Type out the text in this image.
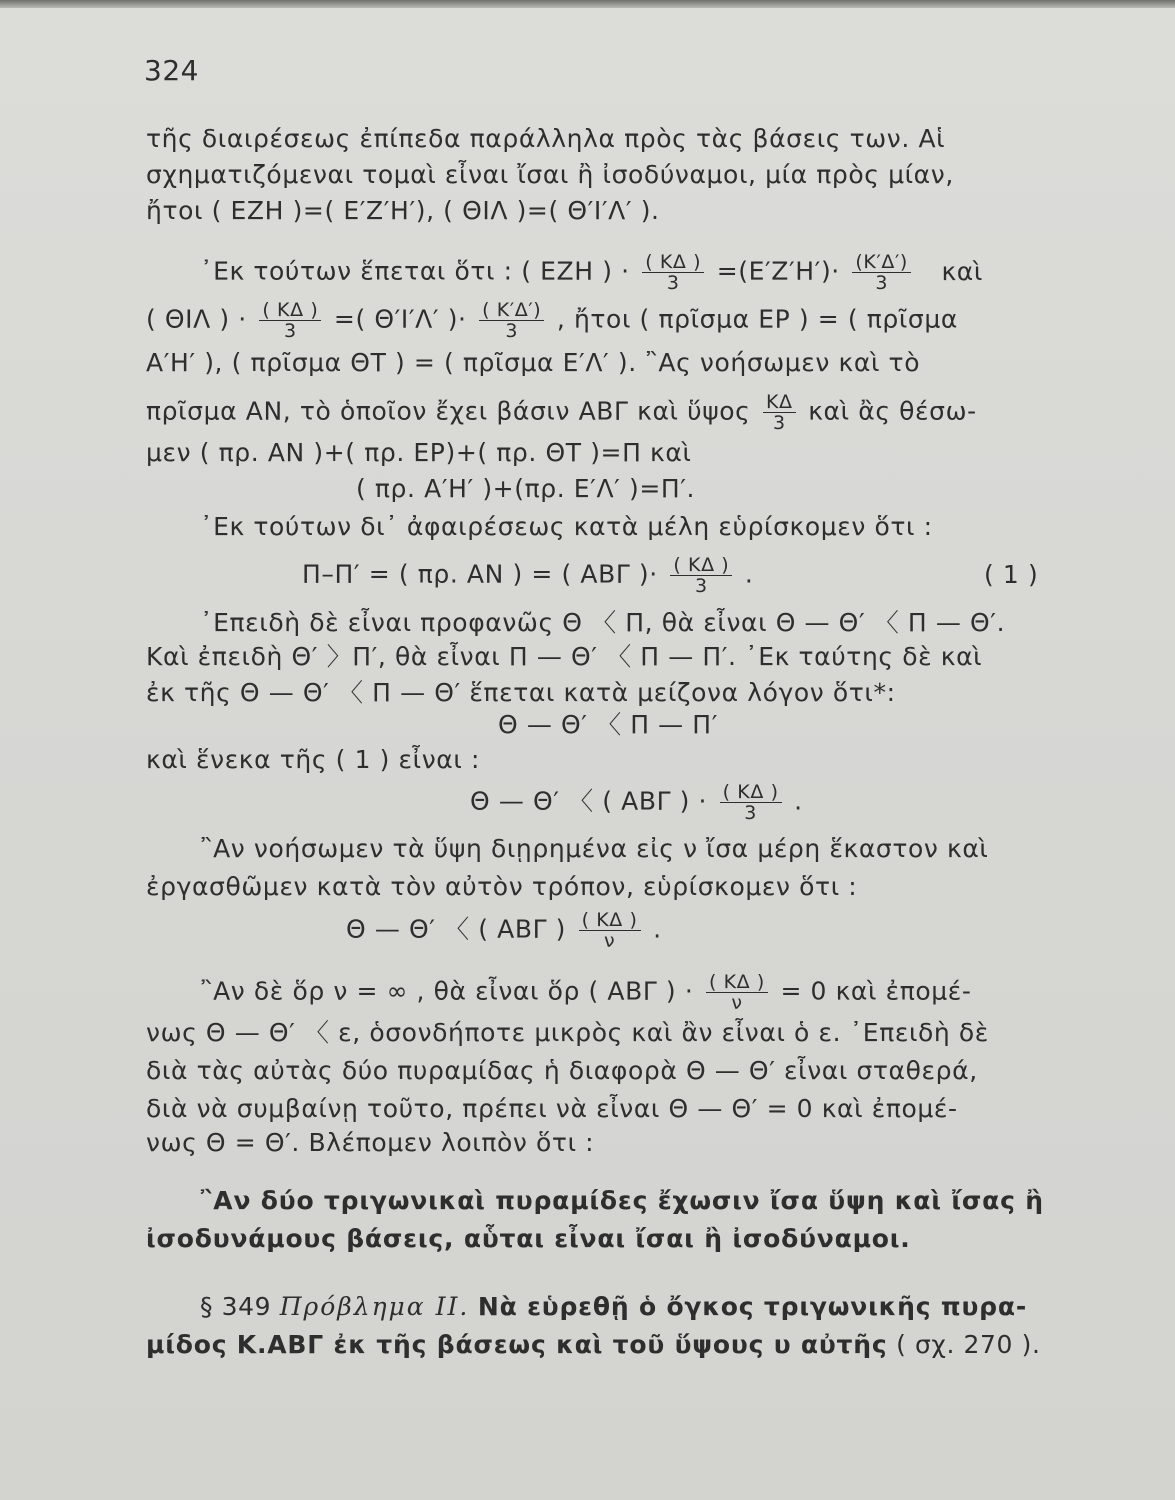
324
τῆς διαιρέσεως ἐπίπεδα παράλληλα πρὸς τὰς βάσεις των. Αἱ
σχηματιζόμεναι τομαὶ εἶναι ἴσαι ἢ ἰσοδύναμοι, μία πρὸς μίαν,
ἤτοι ( ΕΖΗ )=( Ε′Ζ′Η′), ( ΘΙΛ )=( Θ′Ι′Λ′ ).
᾿Εκ τούτων ἕπεται ὅτι : ( ΕΖΗ ) · $\frac{( K\Delta )}{3} =(E'Z'H')\cdot \frac{(K'\Delta')}{3}$ καὶ
( ΘΙΛ ) · $\frac{( K\Delta )}{3}$ =( Θ′Ι′Λ′ )· $\frac{( K'\Delta')}{3}$ , ἤτοι ( πρῖσμα ΕΡ ) = ( πρῖσμα
Α′Η′ ), ( πρῖσμα ΘΤ ) = ( πρῖσμα Ε′Λ′ ). ῍Ας νοήσωμεν καὶ τὸ
πρῖσμα ΑΝ, τὸ ὁποῖον ἔχει βάσιν ΑΒΓ καὶ ὕψος $\frac{K\Delta}{3}$ καὶ ἂς θέσω-
μεν ( πρ. ΑΝ )+( πρ. ΕΡ)+( πρ. ΘΤ )=Π καὶ
( πρ. Α′Η′ )+(πρ. Ε′Λ′ )=Π′.
᾿Εκ τούτων δι᾿ ἀφαιρέσεως κατὰ μέλη εὑρίσκομεν ὅτι :
Π–Π′ = ( πρ. ΑΝ ) = ( ΑΒΓ )· $\frac{( K\Delta )}{3}$ .	( 1 )
᾿Επειδὴ δὲ εἶναι προφανῶς Θ 〈 Π, θὰ εἶναι Θ — Θ′ 〈 Π — Θ′.
Καὶ ἐπειδὴ Θ′ 〉Π′, θὰ εἶναι Π — Θ′ 〈 Π — Π′. ᾿Εκ ταύτης δὲ καὶ
ἐκ τῆς Θ — Θ′ 〈 Π — Θ′ ἕπεται κατὰ μείζονα λόγον ὅτι*:
Θ — Θ′ 〈 Π — Π′
καὶ ἕνεκα τῆς ( 1 ) εἶναι :
Θ — Θ′ 〈 ( ΑΒΓ ) · $\frac{( K\Delta )}{3}$ .
῍Αν νοήσωμεν τὰ ὕψη διῃρημένα εἰς ν ἴσα μέρη ἕκαστον καὶ
ἐργασθῶμεν κατὰ τὸν αὐτὸν τρόπον, εὑρίσκομεν ὅτι :
Θ — Θ′ 〈 ( ΑΒΓ ) $\frac{( K\Delta )}{\nu}$ .
῍Αν δὲ ὅρ ν = ∞ , θὰ εἶναι ὅρ ( ΑΒΓ ) · $\frac{( K\Delta )}{\nu} = 0$ καὶ ἐπομέ-
νως Θ — Θ′ 〈 ε, ὁσονδήποτε μικρὸς καὶ ἂν εἶναι ὁ ε. ᾿Επειδὴ δὲ
διὰ τὰς αὐτὰς δύο πυραμίδας ἡ διαφορὰ Θ — Θ′ εἶναι σταθερά,
διὰ νὰ συμβαίνῃ τοῦτο, πρέπει νὰ εἶναι Θ — Θ′ = 0 καὶ ἐπομέ-
νως Θ = Θ′. Βλέπομεν λοιπὸν ὅτι :
῍Αν δύο τριγωνικαὶ πυραμίδες ἔχωσιν ἴσα ὕψη καὶ ἴσας ἢ
ἰσοδυνάμους βάσεις, αὗται εἶναι ἴσαι ἢ ἰσοδύναμοι.
§ 349 Πρόβλημα ΙΙ. Νὰ εὑρεθῇ ὁ ὄγκος τριγωνικῆς πυρα-
μίδος Κ.ΑΒΓ ἐκ τῆς βάσεως καὶ τοῦ ὕψους υ αὐτῆς ( σχ. 270 ).
